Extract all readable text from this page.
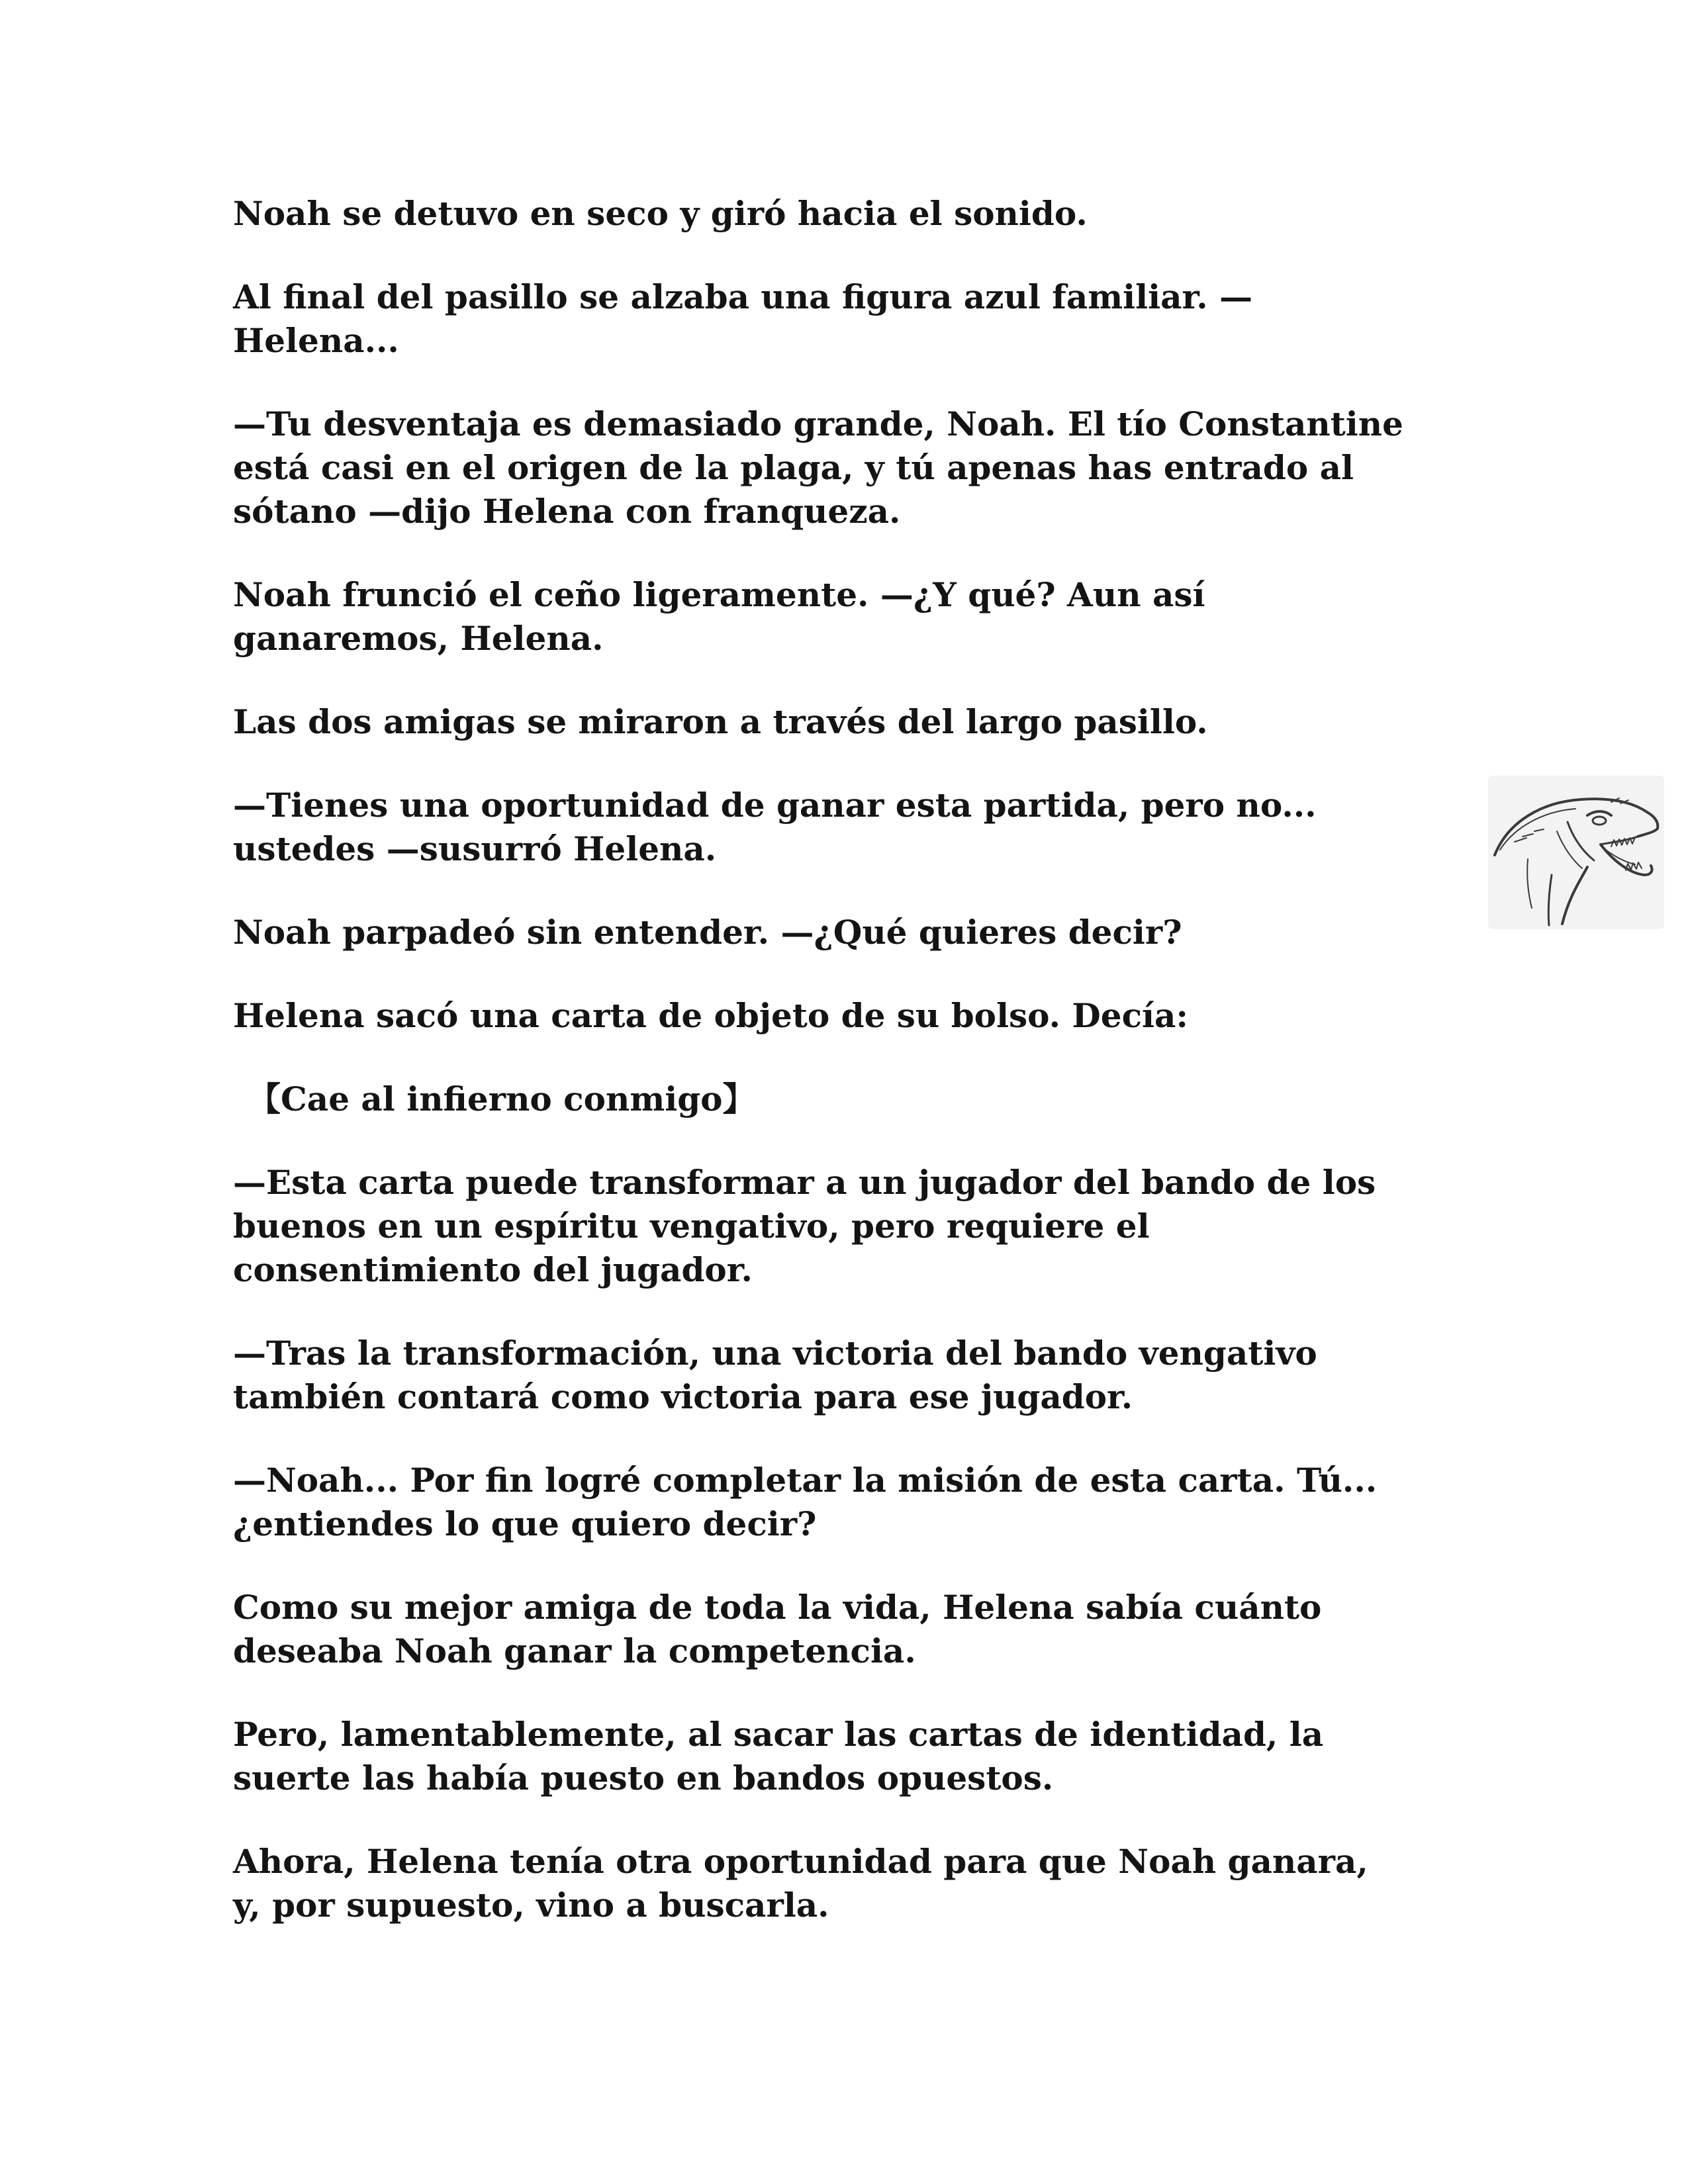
Noah se detuvo en seco y giró hacia el sonido.

Al final del pasillo se alzaba una figura azul familiar. —
Helena...

—Tu desventaja es demasiado grande, Noah. El tío Constantine
está casi en el origen de la plaga, y tú apenas has entrado al
sótano —dijo Helena con franqueza.

Noah frunció el ceño ligeramente. —¿Y qué? Aun así
ganaremos, Helena.

Las dos amigas se miraron a través del largo pasillo.

—Tienes una oportunidad de ganar esta partida, pero no...
ustedes —susurró Helena.

Noah parpadeó sin entender. —¿Qué quieres decir?

Helena sacó una carta de objeto de su bolso. Decía:

【Cae al infierno conmigo】

—Esta carta puede transformar a un jugador del bando de los
buenos en un espíritu vengativo, pero requiere el
consentimiento del jugador.

—Tras la transformación, una victoria del bando vengativo
también contará como victoria para ese jugador.

—Noah... Por fin logré completar la misión de esta carta. Tú...
¿entiendes lo que quiero decir?

Como su mejor amiga de toda la vida, Helena sabía cuánto
deseaba Noah ganar la competencia.

Pero, lamentablemente, al sacar las cartas de identidad, la
suerte las había puesto en bandos opuestos.

Ahora, Helena tenía otra oportunidad para que Noah ganara,
y, por supuesto, vino a buscarla.
